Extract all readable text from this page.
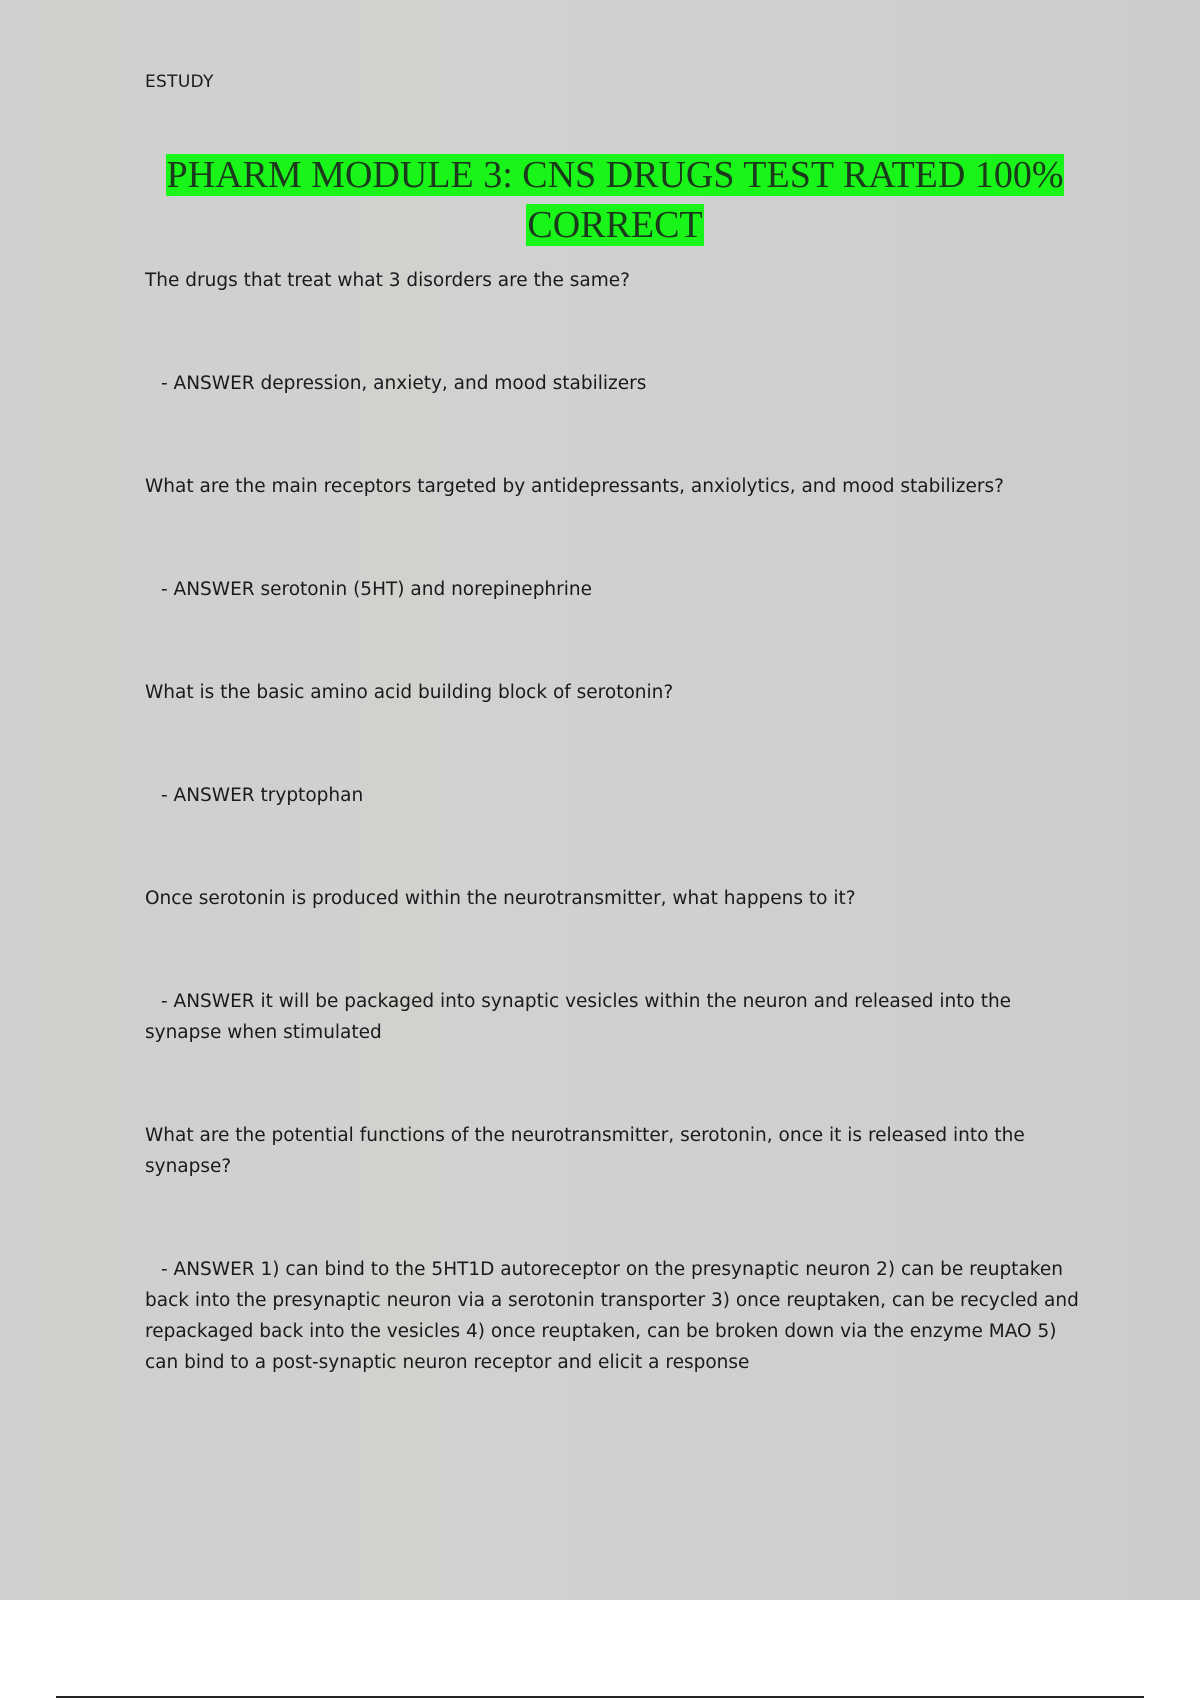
ESTUDY
PHARM MODULE 3: CNS DRUGS TEST RATED 100%
CORRECT

The drugs that treat what 3 disorders are the same?

- ANSWER depression, anxiety, and mood stabilizers

What are the main receptors targeted by antidepressants, anxiolytics, and mood stabilizers?

- ANSWER serotonin (5HT) and norepinephrine

What is the basic amino acid building block of serotonin?

- ANSWER tryptophan

Once serotonin is produced within the neurotransmitter, what happens to it?

- ANSWER it will be packaged into synaptic vesicles within the neuron and released into the synapse when stimulated

What are the potential functions of the neurotransmitter, serotonin, once it is released into the synapse?

- ANSWER 1) can bind to the 5HT1D autoreceptor on the presynaptic neuron 2) can be reuptaken back into the presynaptic neuron via a serotonin transporter 3) once reuptaken, can be recycled and repackaged back into the vesicles 4) once reuptaken, can be broken down via the enzyme MAO 5) can bind to a post-synaptic neuron receptor and elicit a response
